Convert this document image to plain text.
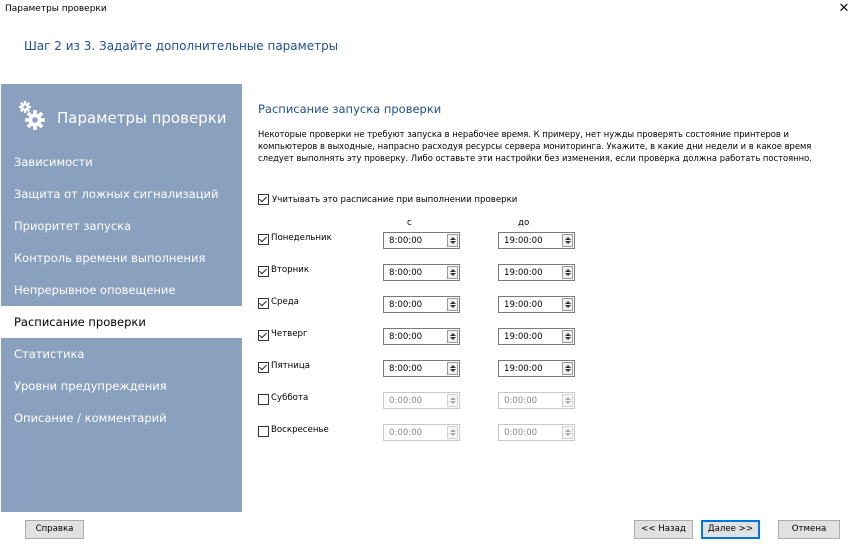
Параметры проверки	✕
Шаг 2 из 3. Задайте дополнительные параметры
Параметры проверки
Зависимости
Защита от ложных сигнализаций
Приоритет запуска
Контроль времени выполнения
Непрерывное оповещение
Расписание проверки
Статистика
Уровни предупреждения
Описание / комментарий
Расписание запуска проверки
Некоторые проверки не требуют запуска в нерабочее время. К примеру, нет нужды проверять состояние принтеров и компьютеров в выходные, напрасно расходуя ресурсы сервера мониторинга. Укажите, в какие дни недели и в какое время следует выполнять эту проверку. Либо оставьте эти настройки без изменения, если проверка должна работать постоянно.
Учитывать это расписание при выполнении проверки
с	до
Понедельник	8:00:00	19:00:00
Вторник	8:00:00	19:00:00
Среда	8:00:00	19:00:00
Четверг	8:00:00	19:00:00
Пятница	8:00:00	19:00:00
Суббота	0:00:00	0:00:00
Воскресенье	0:00:00	0:00:00
Справка	<< Назад	Далее >>	Отмена
